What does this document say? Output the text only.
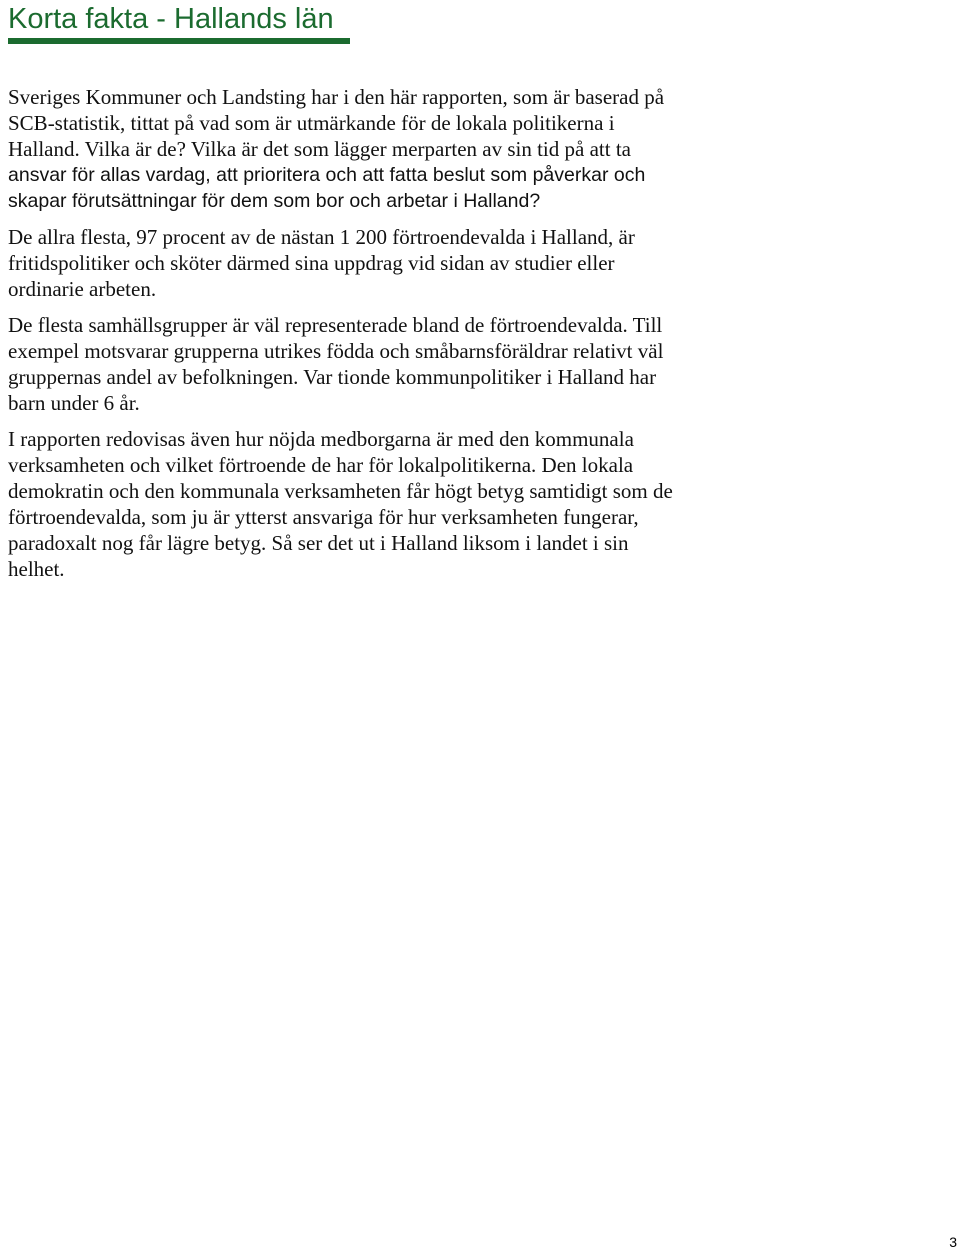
Korta fakta - Hallands län

Sveriges Kommuner och Landsting har i den här rapporten, som är baserad på
SCB-statistik, tittat på vad som är utmärkande för de lokala politikerna i
Halland. Vilka är de? Vilka är det som lägger merparten av sin tid på att ta
ansvar för allas vardag, att prioritera och att fatta beslut som påverkar och
skapar förutsättningar för dem som bor och arbetar i Halland?

De allra flesta, 97 procent av de nästan 1 200 förtroendevalda i Halland, är
fritidspolitiker och sköter därmed sina uppdrag vid sidan av studier eller
ordinarie arbeten.

De flesta samhällsgrupper är väl representerade bland de förtroendevalda. Till
exempel motsvarar grupperna utrikes födda och småbarnsföräldrar relativt väl
gruppernas andel av befolkningen. Var tionde kommunpolitiker i Halland har
barn under 6 år.

I rapporten redovisas även hur nöjda medborgarna är med den kommunala
verksamheten och vilket förtroende de har för lokalpolitikerna. Den lokala
demokratin och den kommunala verksamheten får högt betyg samtidigt som de
förtroendevalda, som ju är ytterst ansvariga för hur verksamheten fungerar,
paradoxalt nog får lägre betyg. Så ser det ut i Halland liksom i landet i sin
helhet.

3
